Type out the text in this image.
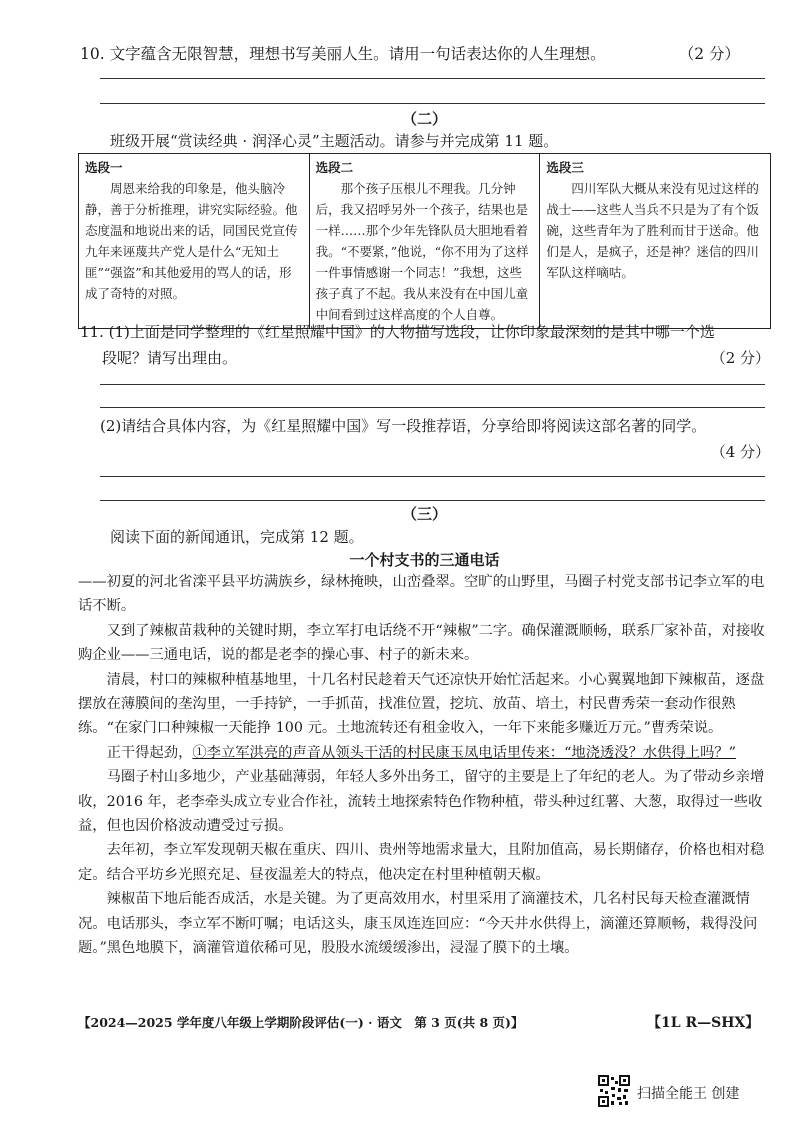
10. 文字蕴含无限智慧，理想书写美丽人生。请用一句话表达你的人生理想。	（2 分）
（二）
班级开展“赏读经典 · 润泽心灵”主题活动。请参与并完成第 11 题。
选段一
周恩来给我的印象是，他头脑冷静，善于分析推理，讲究实际经验。他态度温和地说出来的话，同国民党宣传九年来诬蔑共产党人是什么“无知土匪”“强盗”和其他爱用的骂人的话，形成了奇特的对照。

选段二
那个孩子压根儿不理我。几分钟后，我又招呼另外一个孩子，结果也是一样……那个少年先锋队员大胆地看着我。“不要紧，”他说，“你不用为了这样一件事情感谢一个同志！”我想，这些孩子真了不起。我从来没有在中国儿童中间看到过这样高度的个人自尊。

选段三
四川军队大概从来没有见过这样的战士——这些人当兵不只是为了有个饭碗，这些青年为了胜利而甘于送命。他们是人，是疯子，还是神？迷信的四川军队这样嘀咕。
11. (1)上面是同学整理的《红星照耀中国》的人物描写选段，让你印象最深刻的是其中哪一个选
段呢？请写出理由。	（2 分）
(2)请结合具体内容，为《红星照耀中国》写一段推荐语，分享给即将阅读这部名著的同学。
（4 分）
（三）
阅读下面的新闻通讯，完成第 12 题。
一个村支书的三通电话

——初夏的河北省滦平县平坊满族乡，绿林掩映，山峦叠翠。空旷的山野里，马圈子村党支部书记李立军的电话不断。

又到了辣椒苗栽种的关键时期，李立军打电话绕不开“辣椒”二字。确保灌溉顺畅，联系厂家补苗，对接收购企业——三通电话，说的都是老李的操心事、村子的新未来。

清晨，村口的辣椒种植基地里，十几名村民趁着天气还凉快开始忙活起来。小心翼翼地卸下辣椒苗，逐盘摆放在薄膜间的垄沟里，一手持铲，一手抓苗，找准位置，挖坑、放苗、培土，村民曹秀荣一套动作很熟练。“在家门口种辣椒一天能挣 100 元。土地流转还有租金收入，一年下来能多赚近万元。”曹秀荣说。

正干得起劲，①李立军洪亮的声音从领头干活的村民康玉凤电话里传来：“地浇透没？水供得上吗？”

马圈子村山多地少，产业基础薄弱，年轻人多外出务工，留守的主要是上了年纪的老人。为了带动乡亲增收，2016 年，老李牵头成立专业合作社，流转土地探索特色作物种植，带头种过红薯、大葱，取得过一些收益，但也因价格波动遭受过亏损。

去年初，李立军发现朝天椒在重庆、四川、贵州等地需求量大，且附加值高，易长期储存，价格也相对稳定。结合平坊乡光照充足、昼夜温差大的特点，他决定在村里种植朝天椒。

辣椒苗下地后能否成活，水是关键。为了更高效用水，村里采用了滴灌技术，几名村民每天检查灌溉情况。电话那头，李立军不断叮嘱；电话这头，康玉凤连连回应：“今天井水供得上，滴灌还算顺畅，栽得没问题。”黑色地膜下，滴灌管道依稀可见，股股水流缓缓渗出，浸湿了膜下的土壤。

【2024—2025 学年度八年级上学期阶段评估(一) · 语文　第 3 页(共 8 页)】	【1L R—SHX】
扫描全能王 创建
